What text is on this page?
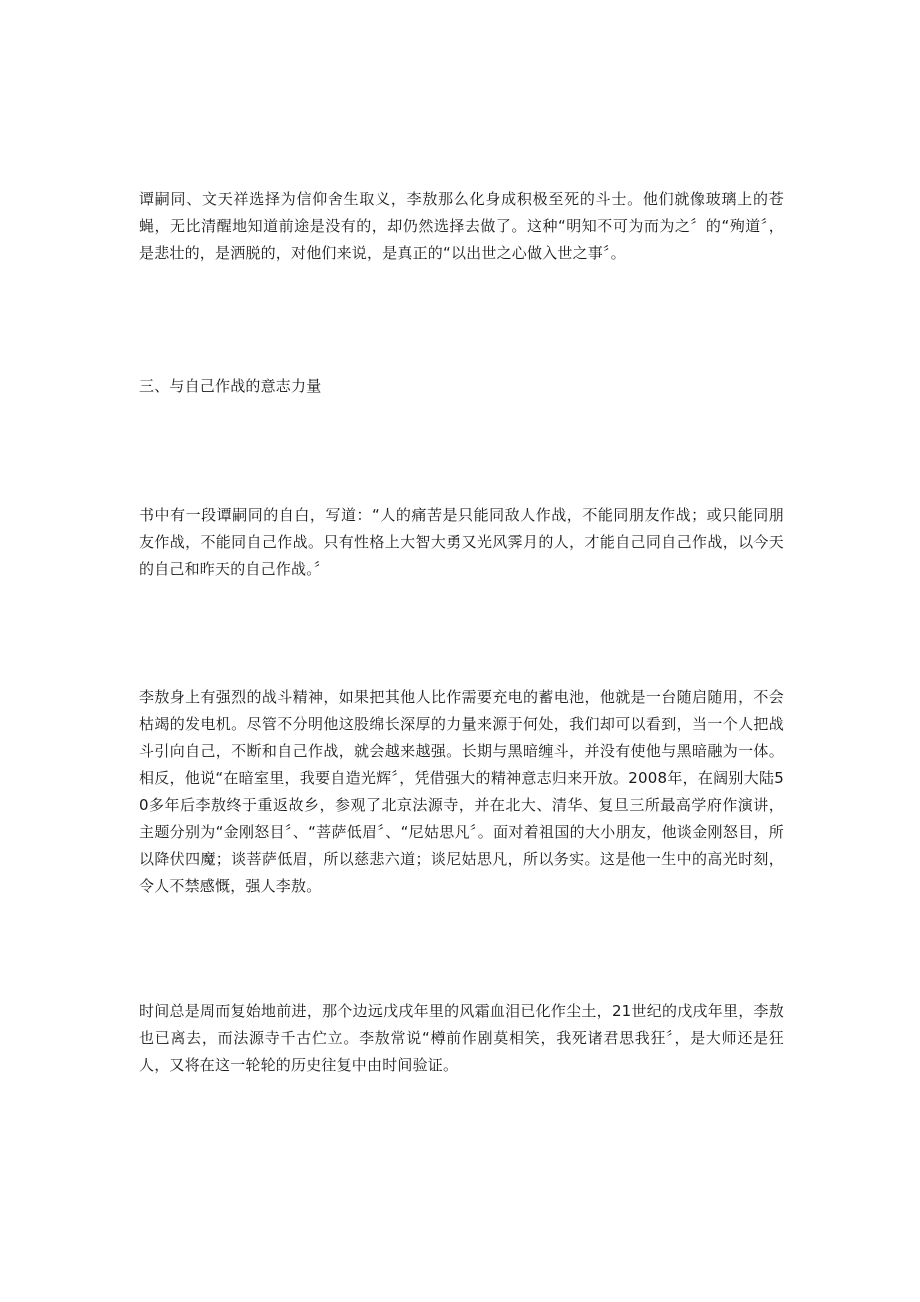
谭嗣同、文天祥选择为信仰舍生取义，李敖那么化身成积极至死的斗士。他们就像玻璃上的苍蝇，无比清醒地知道前途是没有的，却仍然选择去做了。这种“明知不可为而为之〞的“殉道〞，是悲壮的，是洒脱的，对他们来说，是真正的“以出世之心做入世之事〞。

三、与自己作战的意志力量

书中有一段谭嗣同的自白，写道：“人的痛苦是只能同敌人作战，不能同朋友作战；或只能同朋友作战，不能同自己作战。只有性格上大智大勇又光风霁月的人，才能自己同自己作战，以今天的自己和昨天的自己作战。〞

李敖身上有强烈的战斗精神，如果把其他人比作需要充电的蓄电池，他就是一台随启随用，不会枯竭的发电机。尽管不分明他这股绵长深厚的力量来源于何处，我们却可以看到，当一个人把战斗引向自己，不断和自己作战，就会越来越强。长期与黑暗缠斗，并没有使他与黑暗融为一体。相反，他说“在暗室里，我要自造光辉〞，凭借强大的精神意志归来开放。2008年，在阔别大陆50多年后李敖终于重返故乡，参观了北京法源寺，并在北大、清华、复旦三所最高学府作演讲，主题分别为“金刚怒目〞、“菩萨低眉〞、“尼姑思凡〞。面对着祖国的大小朋友，他谈金刚怒目，所以降伏四魔；谈菩萨低眉，所以慈悲六道；谈尼姑思凡，所以务实。这是他一生中的高光时刻，令人不禁感慨，强人李敖。

时间总是周而复始地前进，那个边远戊戌年里的风霜血泪已化作尘土，21世纪的戊戌年里，李敖也已离去，而法源寺千古伫立。李敖常说“樽前作剧莫相笑，我死诸君思我狂〞，是大师还是狂人，又将在这一轮轮的历史往复中由时间验证。
